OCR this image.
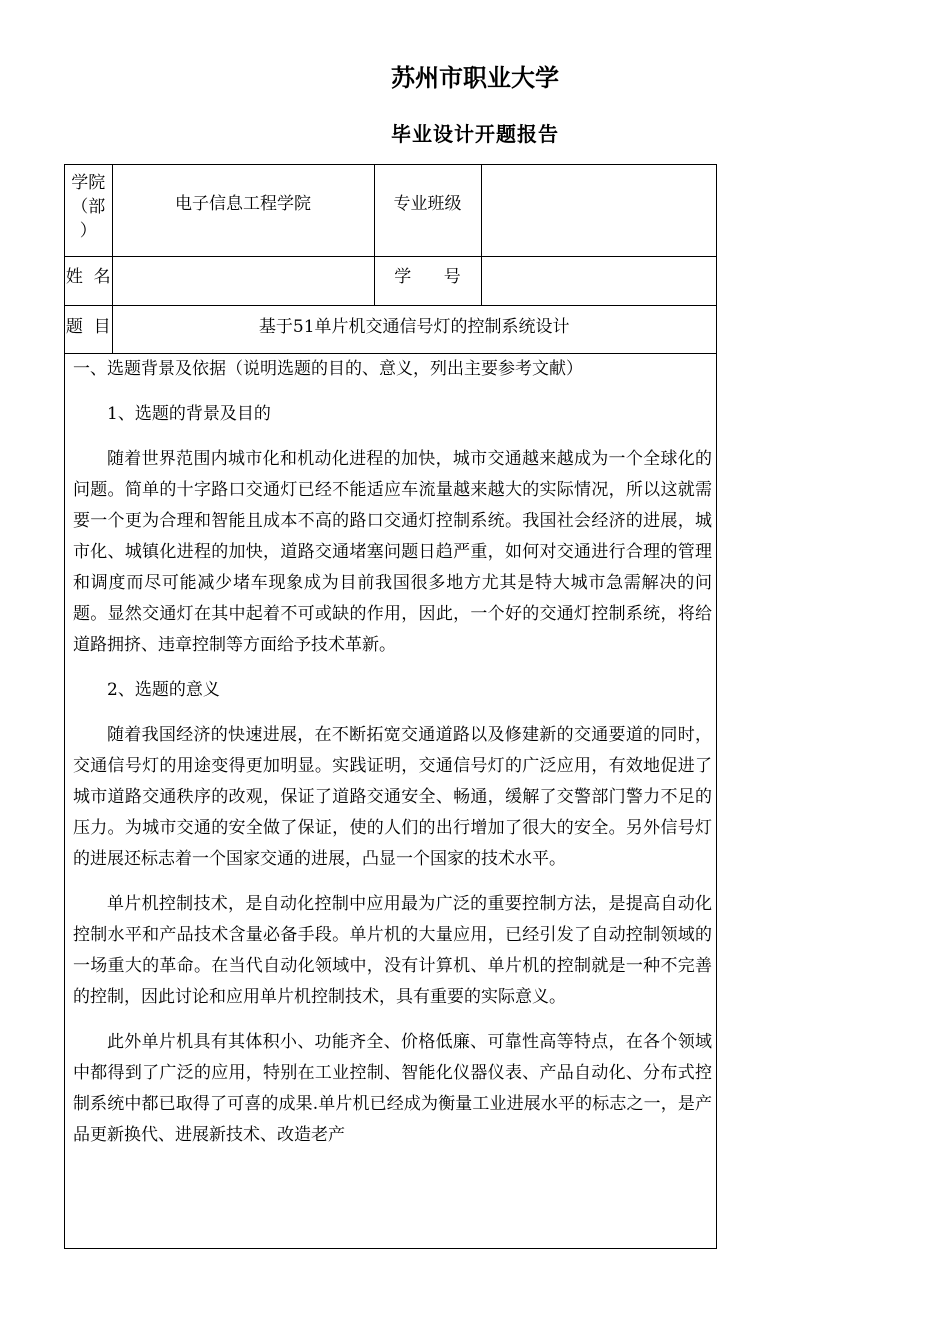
苏州市职业大学
毕业设计开题报告
学院
（部
）	电子信息工程学院	专业班级	
姓  名		学      号	
题  目	基于51单片机交通信号灯的控制系统设计		

一、选题背景及依据（说明选题的目的、意义，列出主要参考文献）

1、选题的背景及目的

随着世界范围内城市化和机动化进程的加快，城市交通越来越成为一个全球化的问题。简单的十字路口交通灯已经不能适应车流量越来越大的实际情况，所以这就需要一个更为合理和智能且成本不高的路口交通灯控制系统。我国社会经济的进展，城市化、城镇化进程的加快，道路交通堵塞问题日趋严重，如何对交通进行合理的管理和调度而尽可能减少堵车现象成为目前我国很多地方尤其是特大城市急需解决的问题。显然交通灯在其中起着不可或缺的作用，因此，一个好的交通灯控制系统，将给道路拥挤、违章控制等方面给予技术革新。

2、选题的意义

随着我国经济的快速进展，在不断拓宽交通道路以及修建新的交通要道的同时，交通信号灯的用途变得更加明显。实践证明，交通信号灯的广泛应用，有效地促进了城市道路交通秩序的改观，保证了道路交通安全、畅通，缓解了交警部门警力不足的压力。为城市交通的安全做了保证，使的人们的出行增加了很大的安全。另外信号灯的进展还标志着一个国家交通的进展，凸显一个国家的技术水平。

单片机控制技术，是自动化控制中应用最为广泛的重要控制方法，是提高自动化控制水平和产品技术含量必备手段。单片机的大量应用，已经引发了自动控制领域的一场重大的革命。在当代自动化领域中，没有计算机、单片机的控制就是一种不完善的控制，因此讨论和应用单片机控制技术，具有重要的实际意义。

此外单片机具有其体积小、功能齐全、价格低廉、可靠性高等特点，在各个领域中都得到了广泛的应用，特别在工业控制、智能化仪器仪表、产品自动化、分布式控制系统中都已取得了可喜的成果.单片机已经成为衡量工业进展水平的标志之一，是产品更新换代、进展新技术、改造老产
